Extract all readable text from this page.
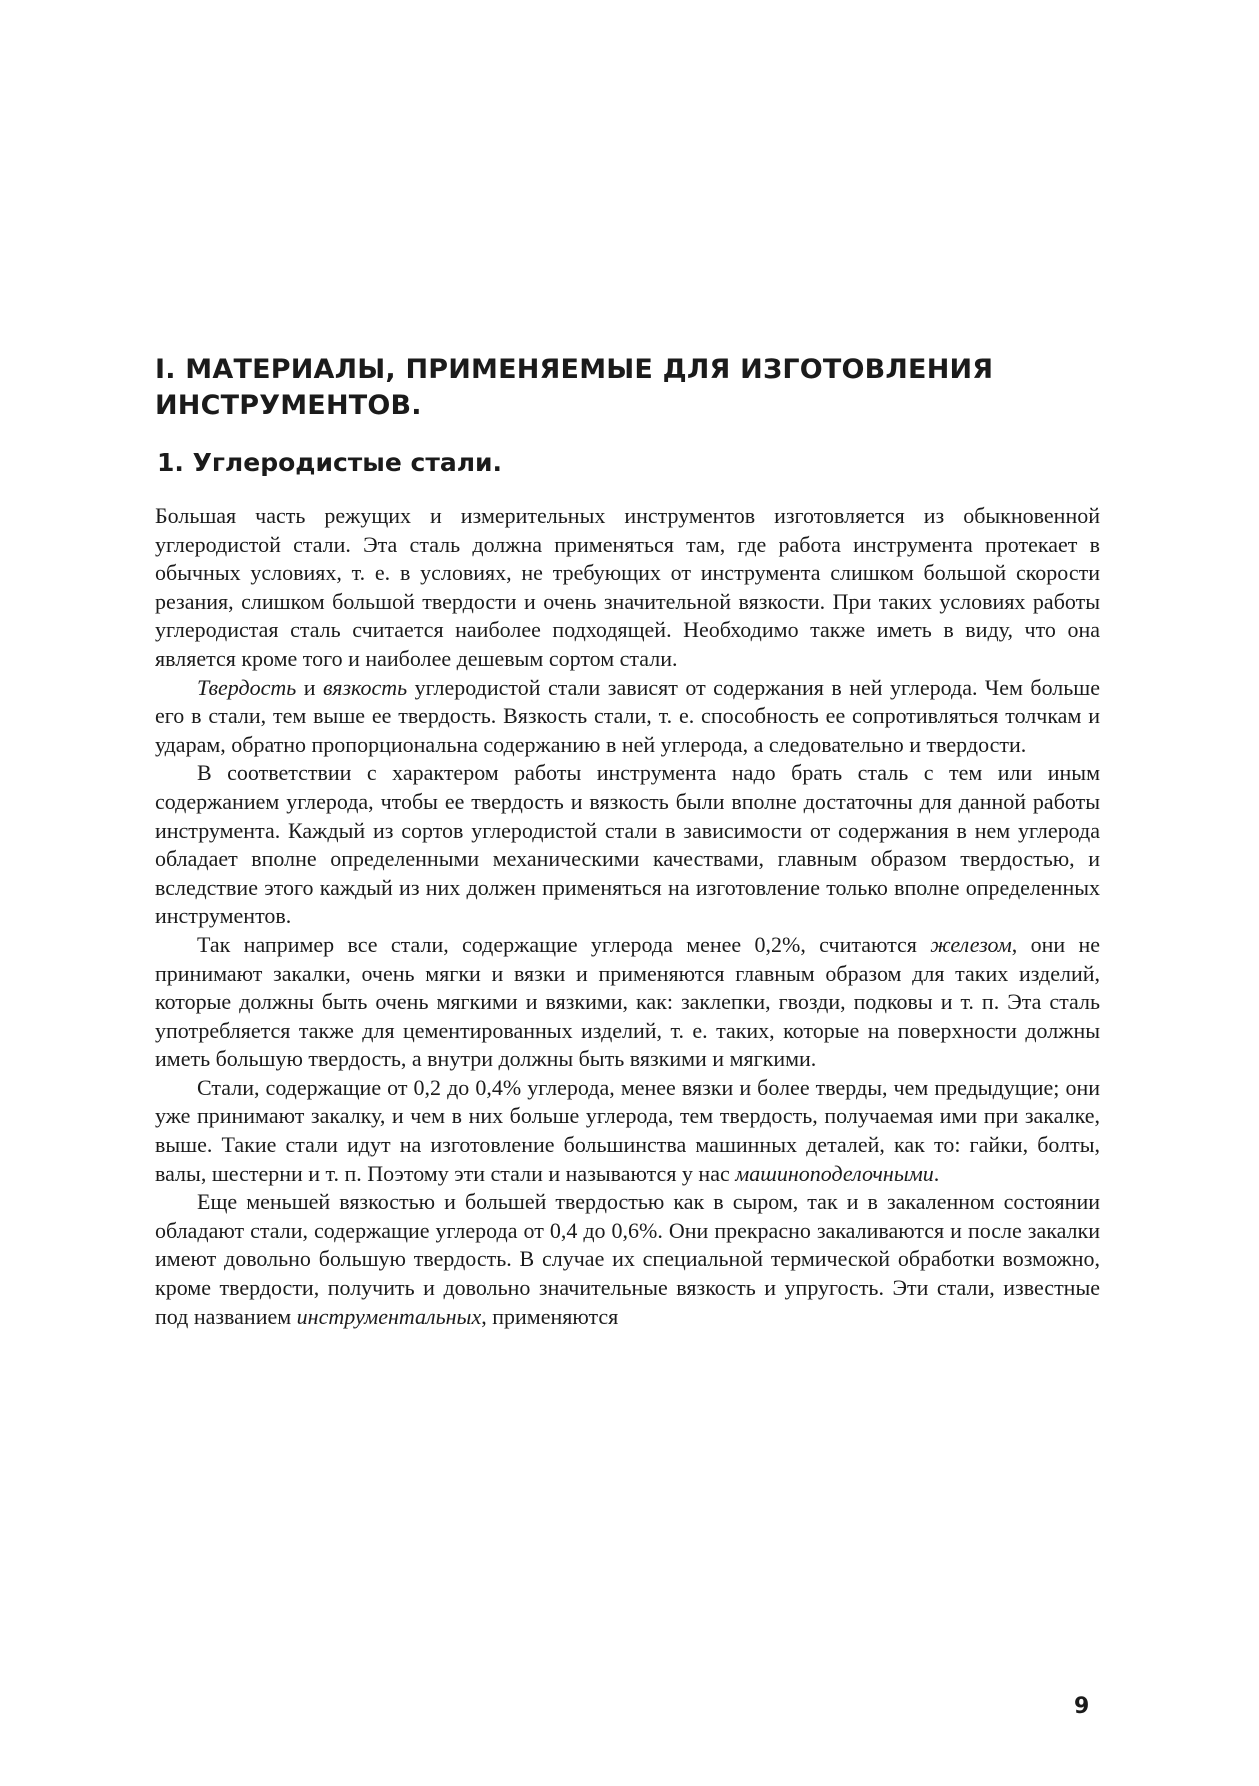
I. МАТЕРИАЛЫ, ПРИМЕНЯЕМЫЕ ДЛЯ ИЗГОТОВЛЕНИЯ ИНСТРУМЕНТОВ.
1. Углеродистые стали.

Большая часть режущих и измерительных инструментов изготовляется из обыкновенной углеродистой стали. Эта сталь должна применяться там, где работа инструмента протекает в обычных условиях, т. е. в условиях, не требующих от инструмента слишком большой скорости резания, слишком большой твердости и очень значительной вязкости. При таких условиях работы углеродистая сталь считается наиболее подходящей. Необходимо также иметь в виду, что она является кроме того и наиболее дешевым сортом стали.

Твердость и вязкость углеродистой стали зависят от содержания в ней углерода. Чем больше его в стали, тем выше ее твердость. Вязкость стали, т. е. способность ее сопротивляться толчкам и ударам, обратно пропорциональна содержанию в ней углерода, а следовательно и твердости.

В соответствии с характером работы инструмента надо брать сталь с тем или иным содержанием углерода, чтобы ее твердость и вязкость были вполне достаточны для данной работы инструмента. Каждый из сортов углеродистой стали в зависимости от содержания в нем углерода обладает вполне определенными механическими качествами, главным образом твердостью, и вследствие этого каждый из них должен применяться на изготовление только вполне определенных инструментов.

Так например все стали, содержащие углерода менее 0,2%, считаются железом, они не принимают закалки, очень мягки и вязки и применяются главным образом для таких изделий, которые должны быть очень мягкими и вязкими, как: заклепки, гвозди, подковы и т. п. Эта сталь употребляется также для цементированных изделий, т. е. таких, которые на поверхности должны иметь большую твердость, а внутри должны быть вязкими и мягкими.

Стали, содержащие от 0,2 до 0,4% углерода, менее вязки и более тверды, чем предыдущие; они уже принимают закалку, и чем в них больше углерода, тем твердость, получаемая ими при закалке, выше. Такие стали идут на изготовление большинства машинных деталей, как то: гайки, болты, валы, шестерни и т. п. Поэтому эти стали и называются у нас машиноподелочными.

Еще меньшей вязкостью и большей твердостью как в сыром, так и в закаленном состоянии обладают стали, содержащие углерода от 0,4 до 0,6%. Они прекрасно закаливаются и после закалки имеют довольно большую твердость. В случае их специальной термической обработки возможно, кроме твердости, получить и довольно значительные вязкость и упругость. Эти стали, известные под названием инструментальных, применяются

9
